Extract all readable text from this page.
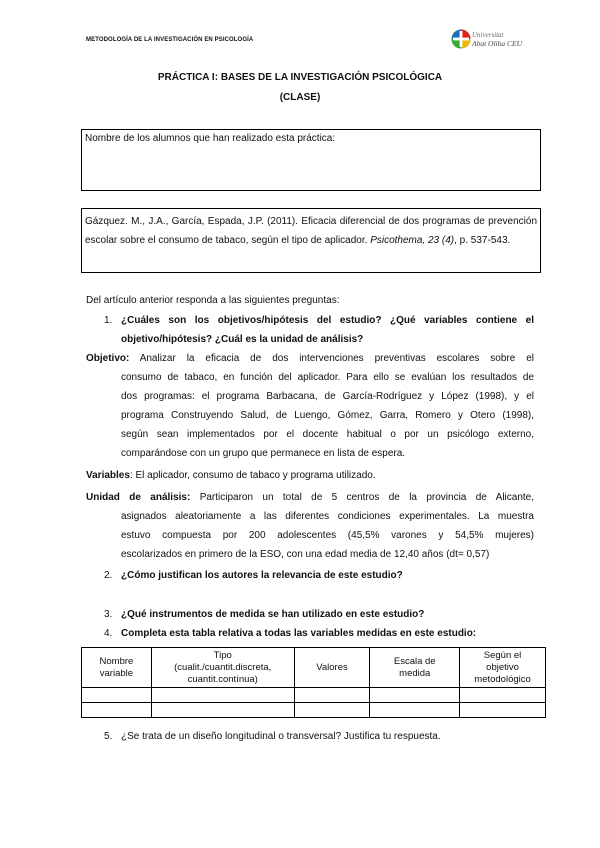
METODOLOGÍA DE LA INVESTIGACIÓN EN PSICOLOGÍA
Universitat
Abat Oliba CEU
PRÁCTICA I: BASES DE LA INVESTIGACIÓN PSICOLÓGICA
(CLASE)
Nombre de los alumnos que han realizado esta práctica:

Gázquez. M., J.A., García, Espada, J.P. (2011). Eficacia diferencial de dos programas de prevención escolar sobre el consumo de tabaco, según el tipo de aplicador. Psicothema, 23 (4), p. 537-543.

Del artículo anterior responda a las siguientes preguntas:
1. ¿Cuáles son los objetivos/hipótesis del estudio? ¿Qué variables contiene el
objetivo/hipótesis? ¿Cuál es la unidad de análisis?
Objetivo: Analizar la eficacia de dos intervenciones preventivas escolares sobre el
consumo de tabaco, en función del aplicador. Para ello se evalúan los resultados de
dos programas: el programa Barbacana, de García-Rodríguez y López (1998), y el
programa Construyendo Salud, de Luengo, Gómez, Garra, Romero y Otero (1998),
según sean implementados por el docente habitual o por un psicólogo externo,
comparándose con un grupo que permanece en lista de espera.
Variables: El aplicador, consumo de tabaco y programa utilizado.
Unidad de análisis: Participaron un total de 5 centros de la provincia de Alicante,
asignados aleatoriamente a las diferentes condiciones experimentales. La muestra
estuvo compuesta por 200 adolescentes (45,5% varones y 54,5% mujeres)
escolarizados en primero de la ESO, con una edad media de 12,40 años (dt= 0,57)
2. ¿Cómo justifican los autores la relevancia de este estudio?
3. ¿Qué instrumentos de medida se han utilizado en este estudio?
4. Completa esta tabla relativa a todas las variables medidas en este estudio:
Nombre
variable	Tipo
(cualit./cuantit.discreta,
cuantit.contínua)	Valores	Escala de
medida	Según el
objetivo
metodológico

5. ¿Se trata de un diseño longitudinal o transversal? Justifica tu respuesta.
